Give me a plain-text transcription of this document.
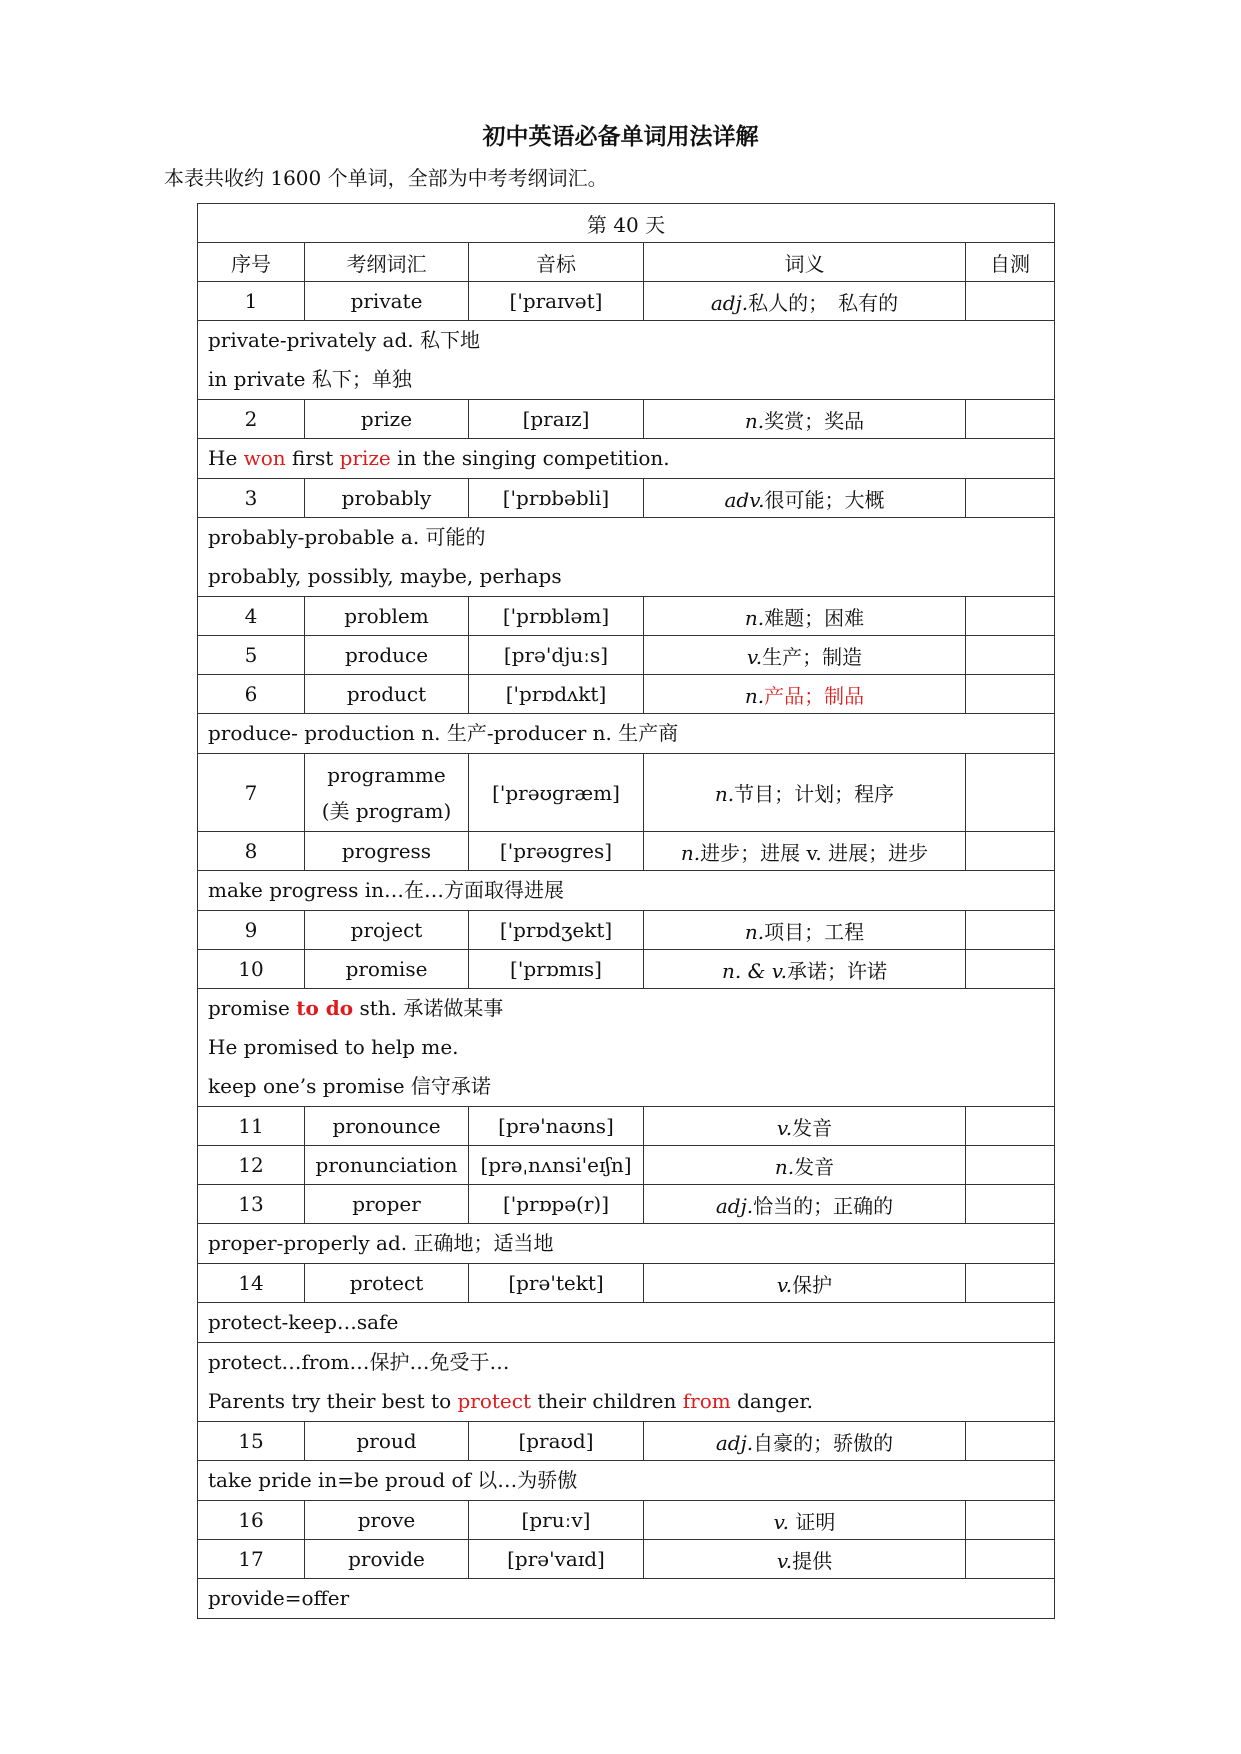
初中英语必备单词用法详解
本表共收约 1600 个单词，全部为中考考纲词汇。
第 40 天				
序号	考纲词汇	音标	词义	自测
1	private	['praɪvət]	adj.私人的；　私有的	

private-privately ad. 私下地
in private 私下；单独				

2	prize	[praɪz]	n.奖赏；奖品	

He won first prize in the singing competition.				

3	probably	['prɒbəbli]	adv.很可能；大概	

probably-probable a. 可能的
probably, possibly, maybe, perhaps				

4	problem	['prɒbləm]	n.难题；困难	
5	produce	[prə'djuːs]	v.生产；制造	
6	product	['prɒdʌkt]	n.产品；制品	

produce- production n. 生产-producer n. 生产商				

7	programme
(美 program)	['prəʊgræm]	n.节目；计划；程序	
8	progress	['prəʊgres]	n.进步；进展 v. 进展；进步	

make progress in…在…方面取得进展				

9	project	['prɒdʒekt]	n.项目；工程	
10	promise	['prɒmɪs]	n. & v.承诺；许诺	

promise to do sth. 承诺做某事
He promised to help me.
keep one’s promise 信守承诺				

11	pronounce	[prə'naʊns]	v.发音	
12	pronunciation	[prəˌnʌnsi'eɪʃn]	n.发音	
13	proper	['prɒpə(r)]	adj.恰当的；正确的	

proper-properly ad. 正确地；适当地				

14	protect	[prə'tekt]	v.保护	

protect-keep…safe				

protect…from…保护…免受于…
Parents try their best to protect their children from danger.				

15	proud	[praʊd]	adj.自豪的；骄傲的	

take pride in=be proud of 以…为骄傲				

16	prove	[pruːv]	v. 证明	
17	provide	[prə'vaɪd]	v.提供	

provide=offer				
